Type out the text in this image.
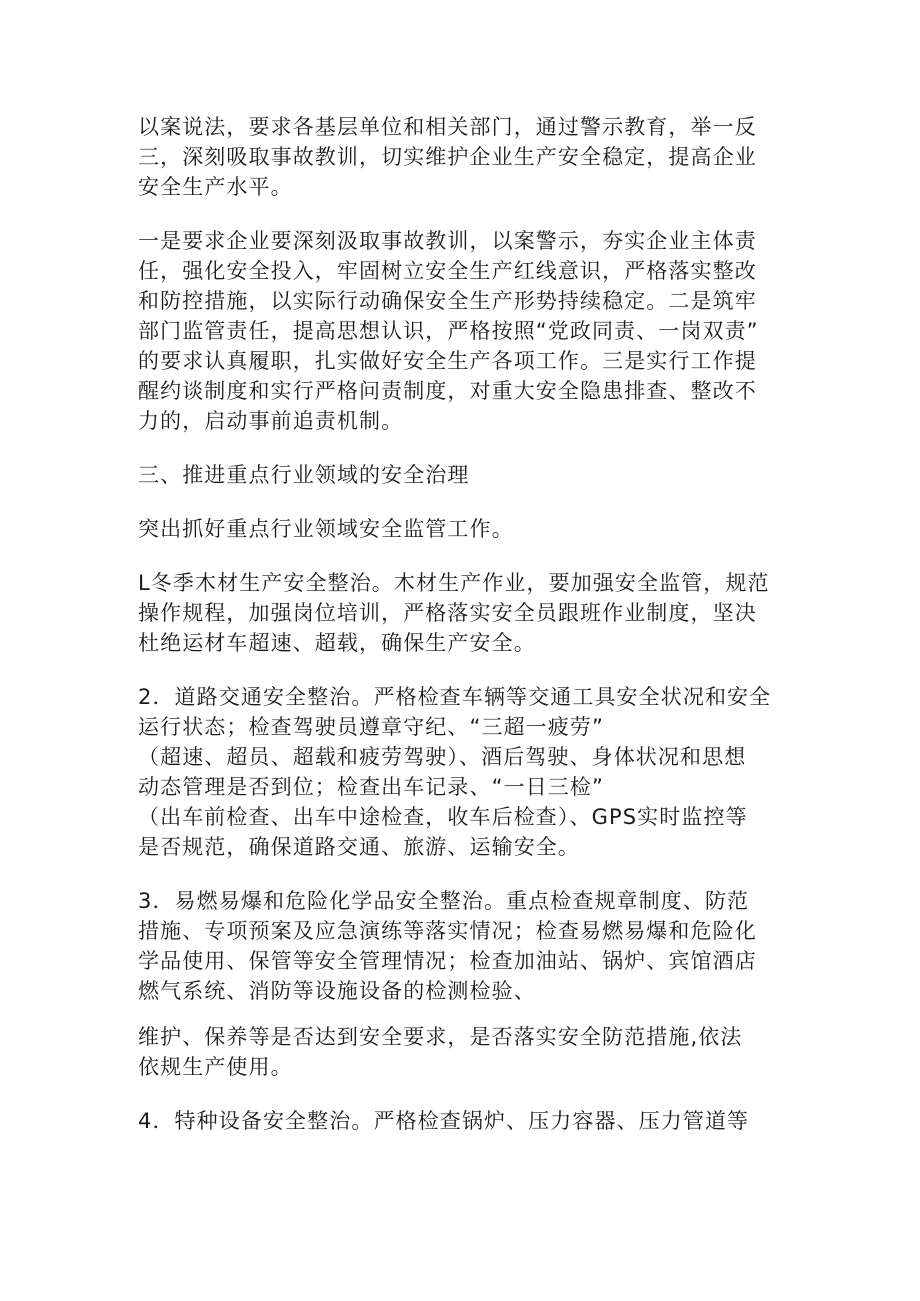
以案说法，要求各基层单位和相关部门，通过警示教育，举一反
三，深刻吸取事故教训，切实维护企业生产安全稳定，提高企业
安全生产水平。
一是要求企业要深刻汲取事故教训，以案警示，夯实企业主体责
任，强化安全投入，牢固树立安全生产红线意识，严格落实整改
和防控措施，以实际行动确保安全生产形势持续稳定。二是筑牢
部门监管责任，提高思想认识，严格按照“党政同责、一岗双责”
的要求认真履职，扎实做好安全生产各项工作。三是实行工作提
醒约谈制度和实行严格问责制度，对重大安全隐患排查、整改不
力的，启动事前追责机制。
三、推进重点行业领域的安全治理
突出抓好重点行业领域安全监管工作。
L冬季木材生产安全整治。木材生产作业，要加强安全监管，规范
操作规程，加强岗位培训，严格落实安全员跟班作业制度，坚决
杜绝运材车超速、超载，确保生产安全。
2．道路交通安全整治。严格检查车辆等交通工具安全状况和安全
运行状态；检查驾驶员遵章守纪、“三超一疲劳”
（超速、超员、超载和疲劳驾驶）、酒后驾驶、身体状况和思想
动态管理是否到位；检查出车记录、“一日三检”
（出车前检查、出车中途检查，收车后检查）、GPS实时监控等
是否规范，确保道路交通、旅游、运输安全。
3．易燃易爆和危险化学品安全整治。重点检查规章制度、防范
措施、专项预案及应急演练等落实情况；检查易燃易爆和危险化
学品使用、保管等安全管理情况；检查加油站、锅炉、宾馆酒店
燃气系统、消防等设施设备的检测检验、
维护、保养等是否达到安全要求，是否落实安全防范措施,依法
依规生产使用。
4．特种设备安全整治。严格检查锅炉、压力容器、压力管道等
